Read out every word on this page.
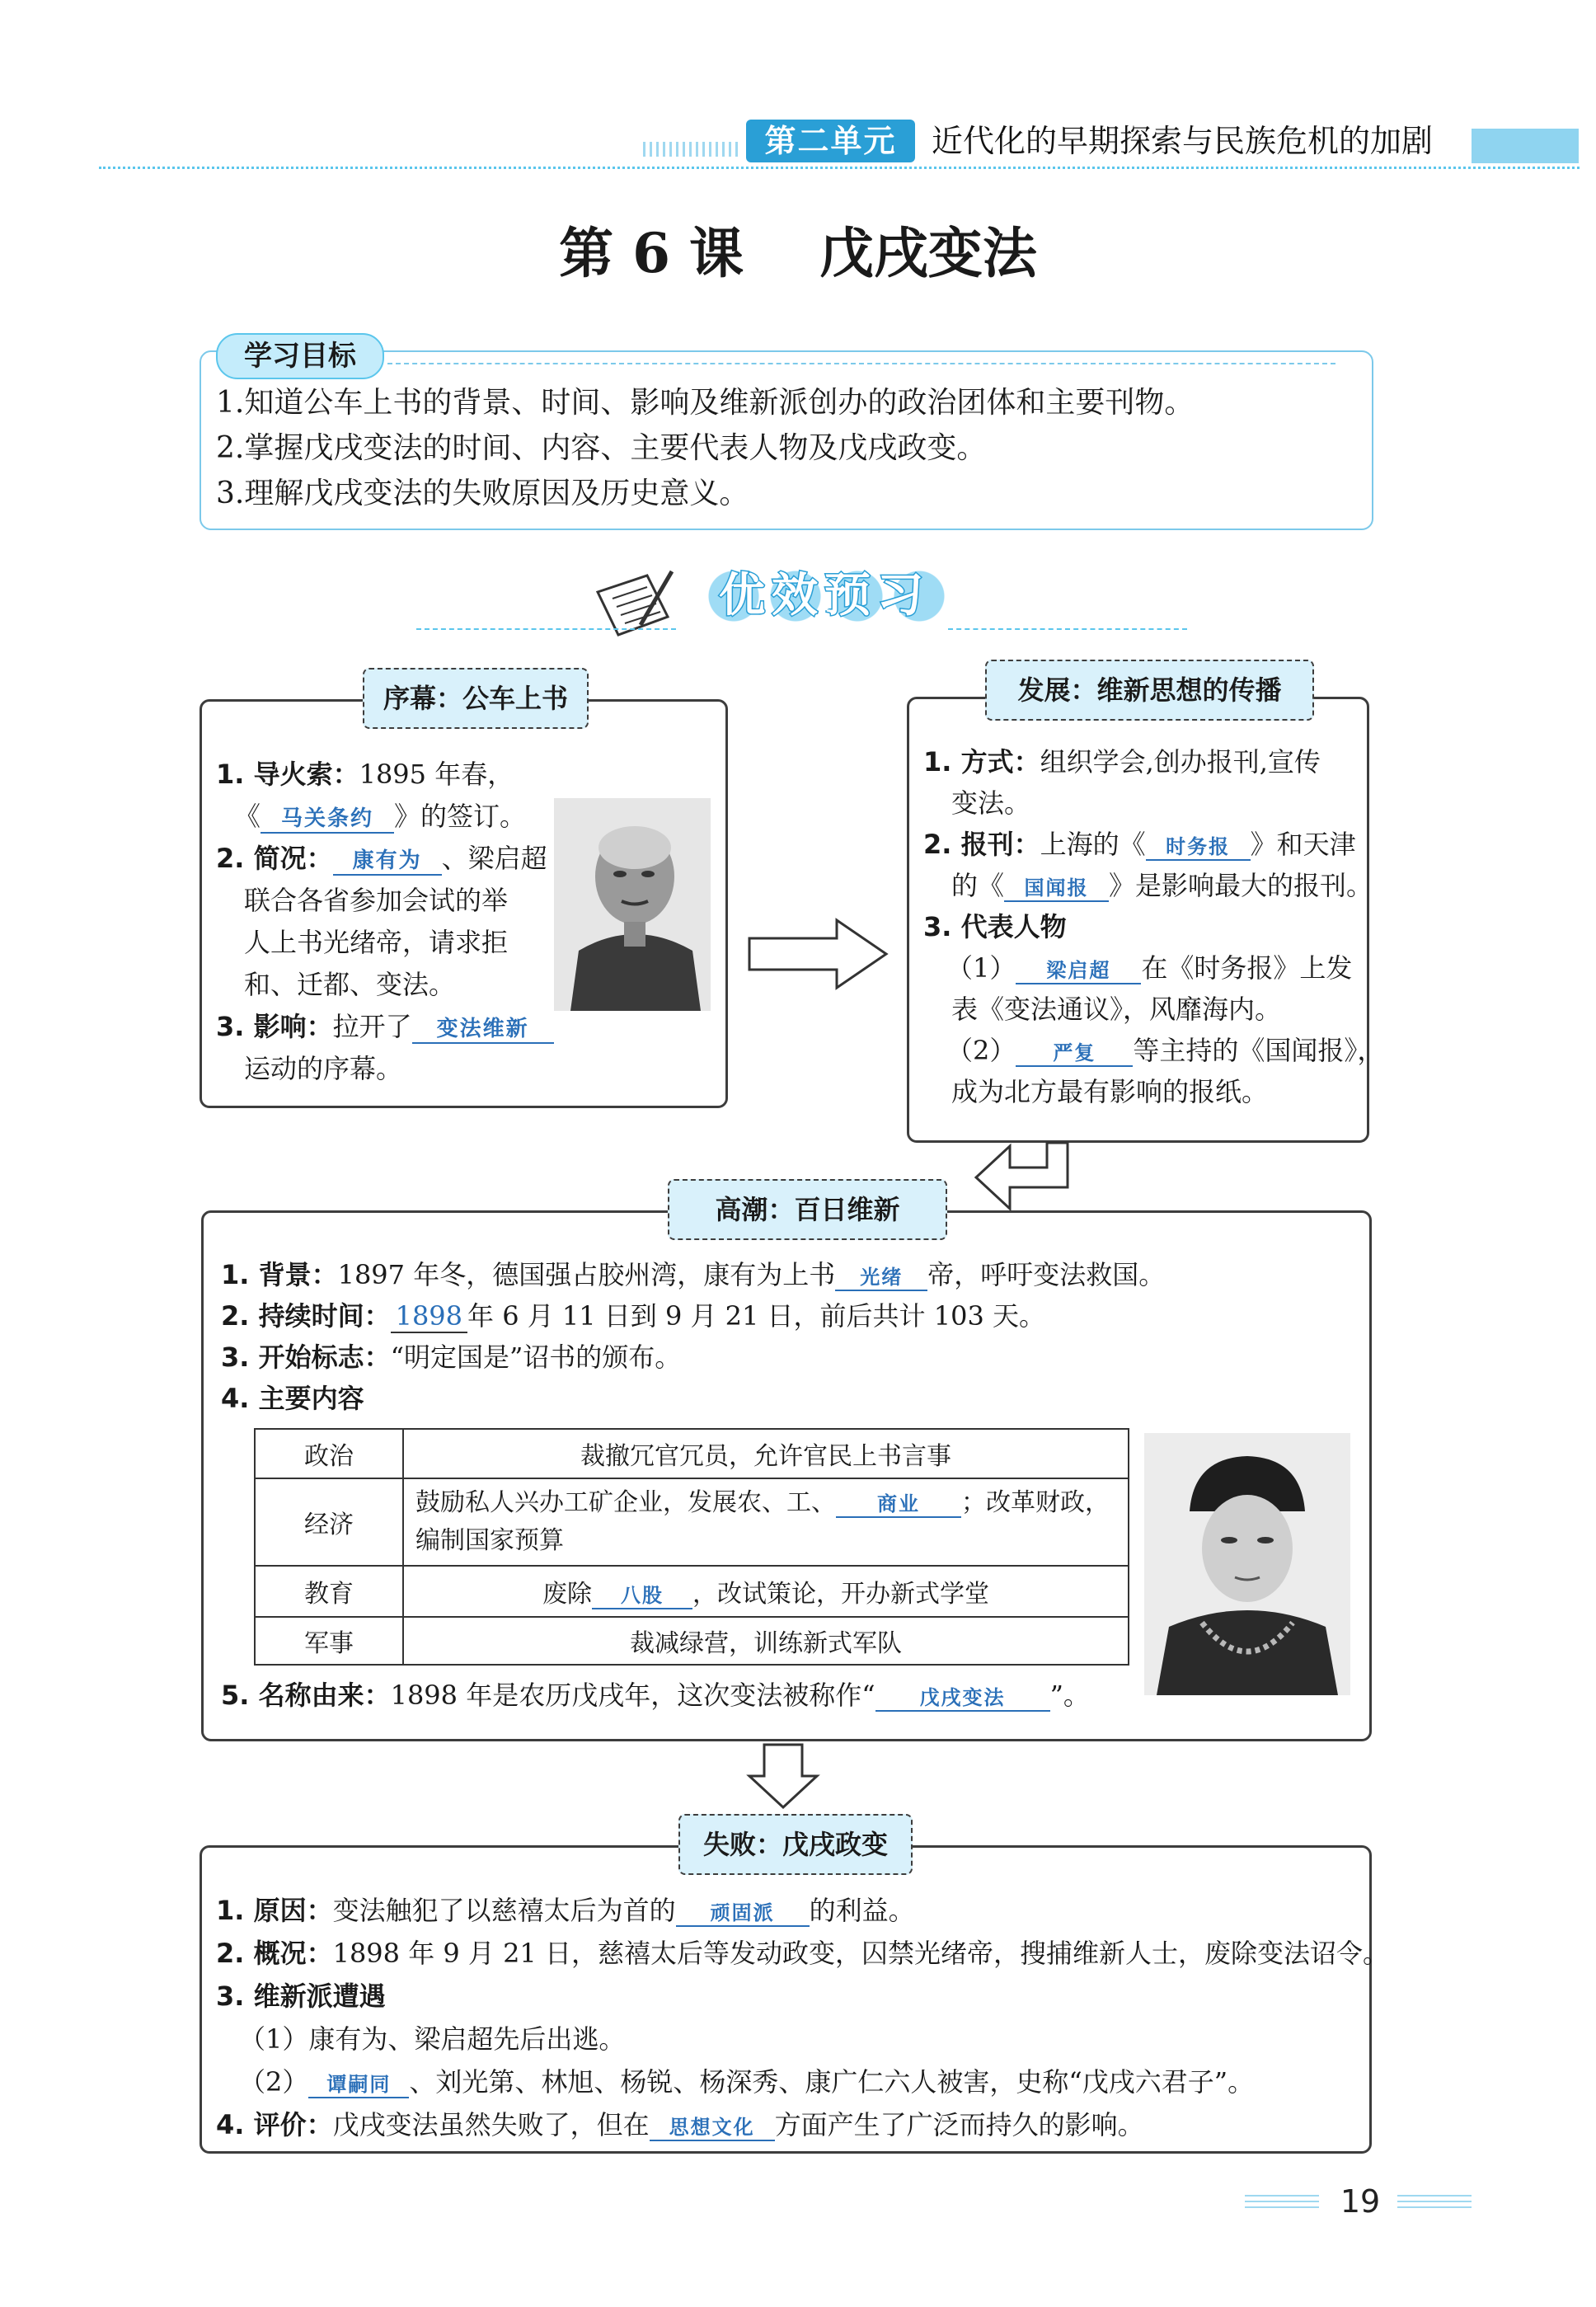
第二单元	近代化的早期探索与民族危机的加剧
第 6 课    戊戌变法
学习目标
1.知道公车上书的背景、时间、影响及维新派创办的政治团体和主要刊物。
2.掌握戊戌变法的时间、内容、主要代表人物及戊戌政变。
3.理解戊戌变法的失败原因及历史意义。
优效预习
序幕：公车上书
1. 导火索：1895 年春，
《 马关条约 》的签订。
2. 简况： 康有为 、梁启超
联合各省参加会试的举
人上书光绪帝，请求拒
和、迁都、变法。
3. 影响：拉开了 变法维新
运动的序幕。
发展：维新思想的传播
1. 方式：组织学会,创办报刊,宣传
变法。
2. 报刊：上海的《 时务报 》和天津
的《 国闻报 》是影响最大的报刊。
3. 代表人物
（1） 梁启超 在《时务报》上发
表《变法通议》，风靡海内。
（2） 严复 等主持的《国闻报》，
成为北方最有影响的报纸。
高潮：百日维新
1. 背景：1897 年冬，德国强占胶州湾，康有为上书 光绪 帝，呼吁变法救国。
2. 持续时间： 1898 年 6 月 11 日到 9 月 21 日，前后共计 103 天。
3. 开始标志：“明定国是”诏书的颁布。
4. 主要内容
政治	裁撤冗官冗员，允许官民上书言事
经济	鼓励私人兴办工矿企业，发展农、工、 商业 ；改革财政，
编制国家预算
教育	废除 八股 ，改试策论，开办新式学堂
军事	裁减绿营，训练新式军队
5. 名称由来：1898 年是农历戊戌年，这次变法被称作“ 戊戌变法 ”。
失败：戊戌政变
1. 原因：变法触犯了以慈禧太后为首的 顽固派 的利益。
2. 概况：1898 年 9 月 21 日，慈禧太后等发动政变，囚禁光绪帝，搜捕维新人士，废除变法诏令。
3. 维新派遭遇
（1）康有为、梁启超先后出逃。
（2） 谭嗣同 、刘光第、林旭、杨锐、杨深秀、康广仁六人被害，史称“戊戌六君子”。
4. 评价：戊戌变法虽然失败了，但在 思想文化 方面产生了广泛而持久的影响。
19
